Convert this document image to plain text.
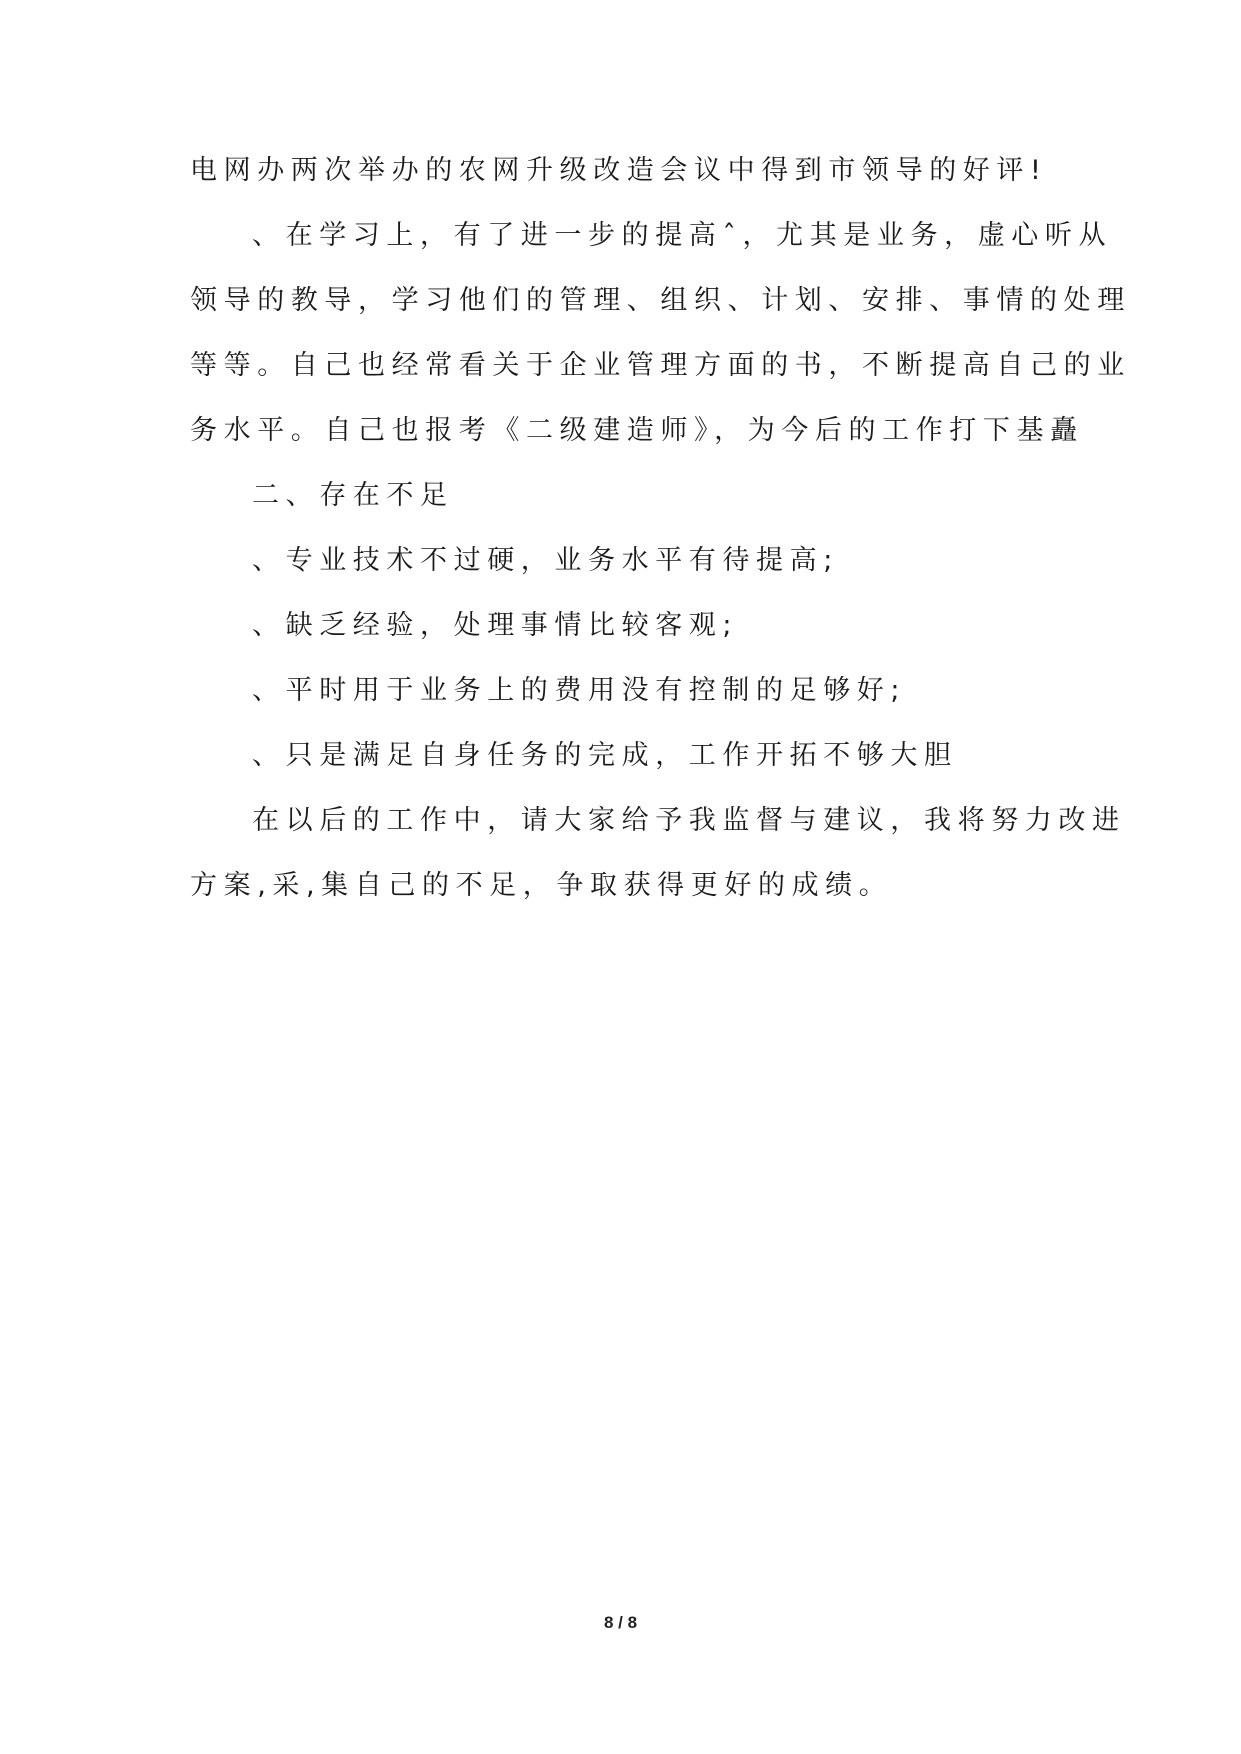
电网办两次举办的农网升级改造会议中得到市领导的好评!
、在学习上，有了进一步的提高ˆ，尤其是业务，虚心听从
领导的教导，学习他们的管理、组织、计划、安排、事情的处理
等等。自己也经常看关于企业管理方面的书，不断提高自己的业
务水平。自己也报考《二级建造师》，为今后的工作打下基矗
二、存在不足
、专业技术不过硬，业务水平有待提高;
、缺乏经验，处理事情比较客观;
、平时用于业务上的费用没有控制的足够好;
、只是满足自身任务的完成，工作开拓不够大胆
在以后的工作中，请大家给予我监督与建议，我将努力改进
方案,采,集自己的不足，争取获得更好的成绩。
8 / 8
